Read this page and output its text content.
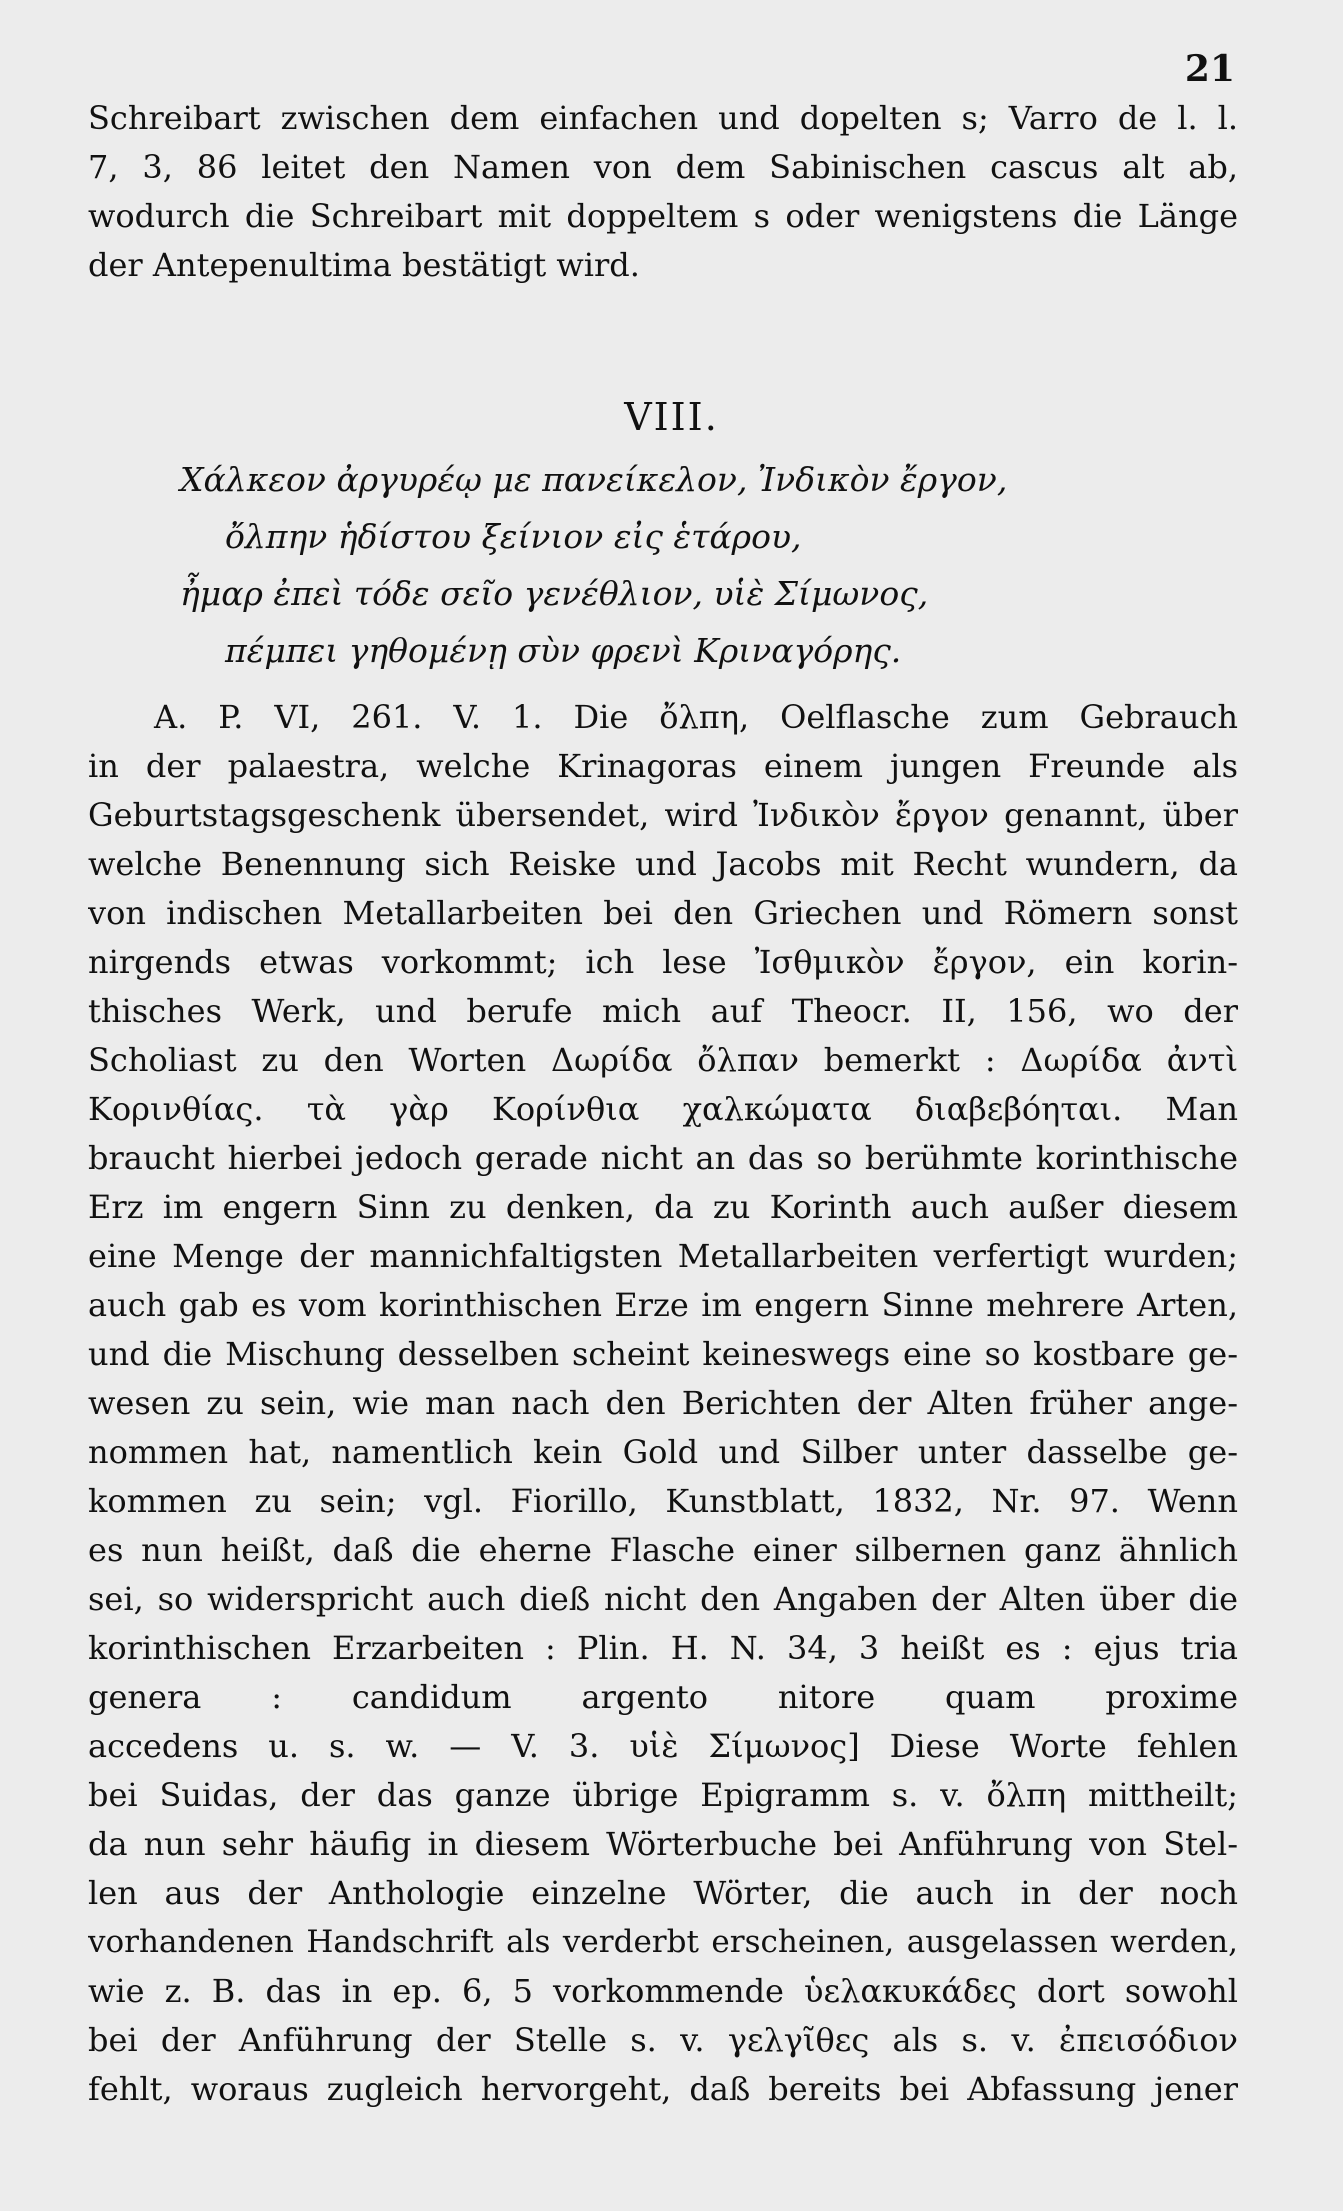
21
Schreibart zwischen dem einfachen und dopelten s; Varro de l. l.
7, 3, 86 leitet den Namen von dem Sabinischen cascus alt ab,
wodurch die Schreibart mit doppeltem s oder wenigstens die Länge
der Antepenultima bestätigt wird.
VIII.
Χάλκεον ἀργυρέῳ με πανείκελον, Ἰνδικὸν ἔργον,
ὄλπην ἡδίστου ξείνιον εἰς ἑτάρου,
ἦμαρ ἐπεὶ τόδε σεῖο γενέθλιον, υἱὲ Σίμωνος,
πέμπει γηθομένῃ σὺν φρενὶ Κριναγόρης.
A. P. VI, 261. V. 1. Die ὄλπη, Oelflasche zum Gebrauch
in der palaestra, welche Krinagoras einem jungen Freunde als
Geburtstagsgeschenk übersendet, wird Ἰνδικὸν ἔργον genannt, über
welche Benennung sich Reiske und Jacobs mit Recht wundern, da
von indischen Metallarbeiten bei den Griechen und Römern sonst
nirgends etwas vorkommt; ich lese Ἰσθμικὸν ἔργον, ein korin-
thisches Werk, und berufe mich auf Theocr. II, 156, wo der
Scholiast zu den Worten Δωρίδα ὄλπαν bemerkt : Δωρίδα ἀντὶ
Κορινθίας. τὰ γὰρ Κορίνθια χαλκώματα διαβεβόηται. Man
braucht hierbei jedoch gerade nicht an das so berühmte korinthische
Erz im engern Sinn zu denken, da zu Korinth auch außer diesem
eine Menge der mannichfaltigsten Metallarbeiten verfertigt wurden;
auch gab es vom korinthischen Erze im engern Sinne mehrere Arten,
und die Mischung desselben scheint keineswegs eine so kostbare ge-
wesen zu sein, wie man nach den Berichten der Alten früher ange-
nommen hat, namentlich kein Gold und Silber unter dasselbe ge-
kommen zu sein; vgl. Fiorillo, Kunstblatt, 1832, Nr. 97. Wenn
es nun heißt, daß die eherne Flasche einer silbernen ganz ähnlich
sei, so widerspricht auch dieß nicht den Angaben der Alten über die
korinthischen Erzarbeiten : Plin. H. N. 34, 3 heißt es : ejus tria
genera : candidum argento nitore quam proxime
accedens u. s. w. — V. 3. υἱὲ Σίμωνος] Diese Worte fehlen
bei Suidas, der das ganze übrige Epigramm s. v. ὄλπη mittheilt;
da nun sehr häufig in diesem Wörterbuche bei Anführung von Stel-
len aus der Anthologie einzelne Wörter, die auch in der noch
vorhandenen Handschrift als verderbt erscheinen, ausgelassen werden,
wie z. B. das in ep. 6, 5 vorkommende ὑελακυκάδες dort sowohl
bei der Anführung der Stelle s. v. γελγῖθες als s. v. ἐπεισόδιον
fehlt, woraus zugleich hervorgeht, daß bereits bei Abfassung jener
